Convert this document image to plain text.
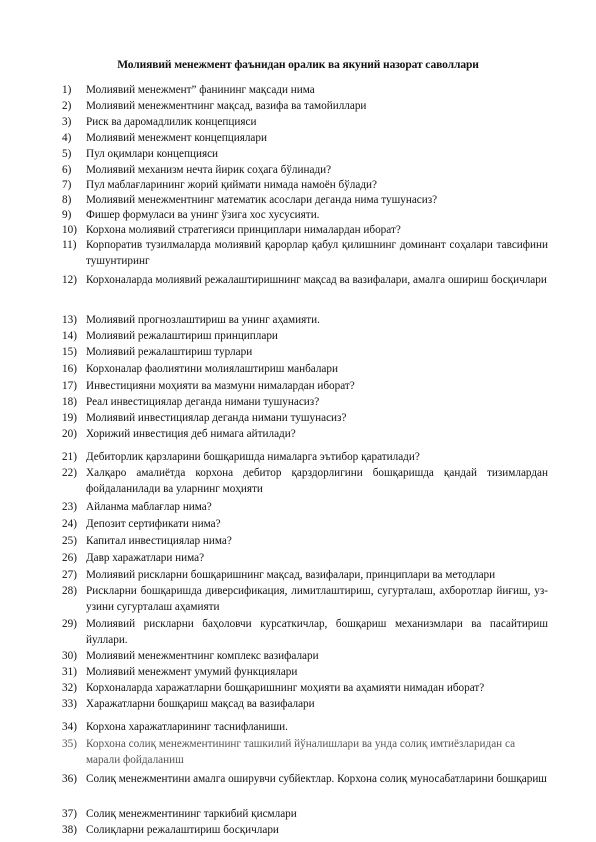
Молиявий менежмент фаънидан оралик ва якуний назорат саволлари
1) Молиявий менежмент” фанининг мақсади нима
2) Молиявий менежментнинг мақсад, вазифа ва тамойиллари
3) Риск ва даромадлилик концепцияси
4) Молиявий менежмент концепциялари
5) Пул оқимлари концепцияси
6) Молиявий механизм нечта йирик соҳага бўлинади?
7) Пул маблағларининг жорий қиймати нимада намоён бўлади?
8) Молиявий менежментнинг математик асослари деганда нима тушунасиз?
9) Фишер формуласи ва унинг ўзига хос хусусияти.
10) Корхона молиявий стратегияси принциплари нималардан иборат?
11) Корпоратив тузилмаларда молиявий қарорлар қабул қилишнинг доминант соҳалари тавсифини тушунтиринг
12) Корхоналарда молиявий режалаштиришнинг мақсад ва вазифалари, амалга ошириш босқичлари
13) Молиявий прогнозлаштириш ва унинг аҳамияти.
14) Молиявий режалаштириш принциплари
15) Молиявий режалаштириш турлари
16) Корхоналар фаолиятини молиялаштириш манбалари
17) Инвестицияни моҳияти ва мазмуни нималардан иборат?
18) Реал инвестициялар деганда нимани тушунасиз?
19) Молиявий инвестициялар деганда нимани тушунасиз?
20) Хорижий инвестиция деб нимага айтилади?
21) Дебиторлик қарзларини бошқаришда нималарга эътибор қаратилади?
22) Халқаро амалиётда корхона дебитор қарздорлигини бошқаришда қандай тизимлардан фойдаланилади ва уларнинг моҳияти
23) Айланма маблағлар нима?
24) Депозит сертификати нима?
25) Капитал инвестициялар нима?
26) Давр харажатлари нима?
27) Молиявий рискларни бошқаришнинг мақсад, вазифалари, принциплари ва методлари
28) Рискларни бошқаришда диверсификация, лимитлаштириш, сугурталаш, ахборотлар йиғиш, уз-узини сугурталаш аҳамияти
29) Молиявий рискларни баҳоловчи курсаткичлар, бошқариш механизмлари ва пасайтириш йуллари.
30) Молиявий менежментнинг комплекс вазифалари
31) Молиявий менежмент умумий функциялари
32) Корхоналарда харажатларни бошқаришнинг моҳияти ва аҳамияти нимадан иборат?
33) Харажатларни бошқариш мақсад ва вазифалари
34) Корхона харажатларининг таснифланиши.
35) Корхона солиқ менежментининг ташкилий йўналишлари ва унда солиқ имтиёзларидан са марали фойдаланиш
36) Солиқ менежментини амалга оширувчи субйектлар. Корхона солиқ муносабатларини бошқариш
37) Солиқ менежментининг таркибий қисмлари
38) Солиқларни режалаштириш босқичлари
